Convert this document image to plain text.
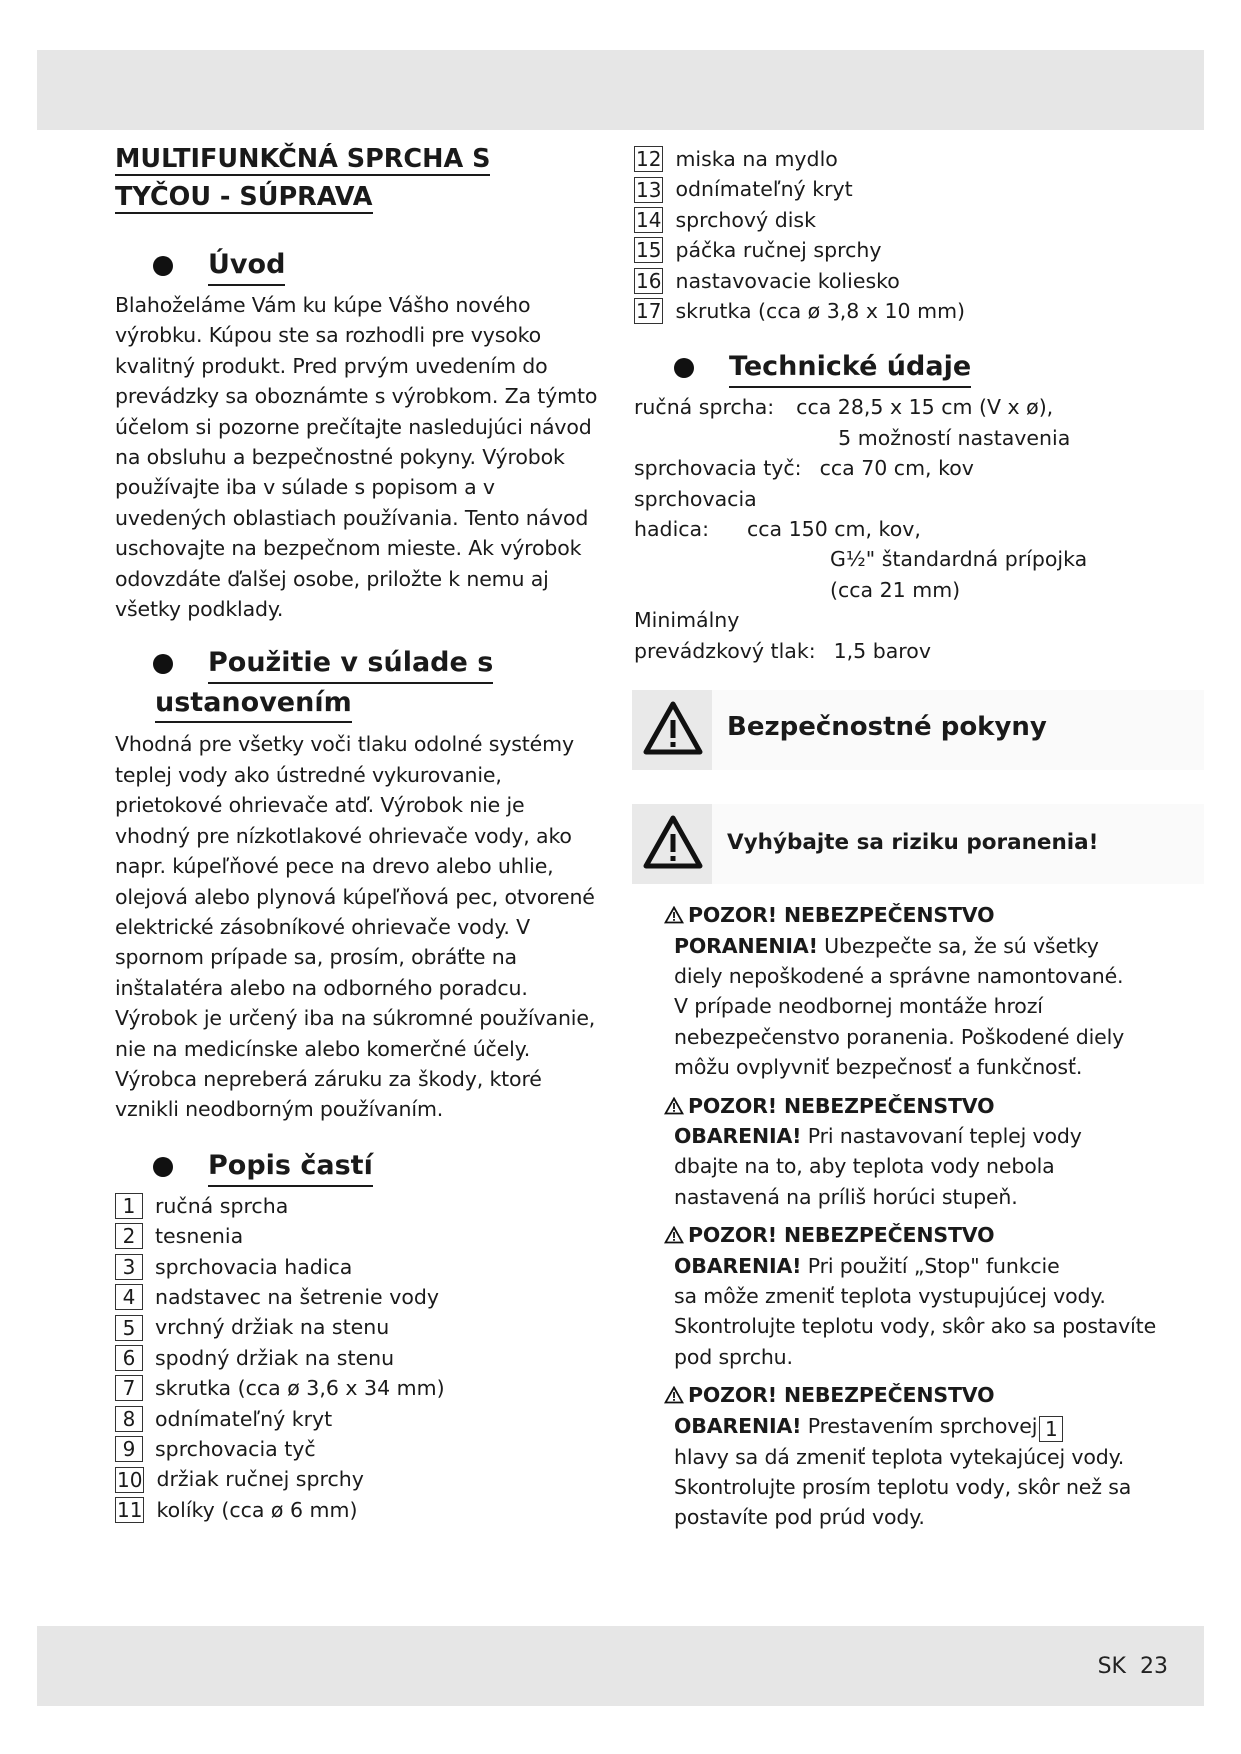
MULTIFUNKČNÁ SPRCHA S
TYČOU - SÚPRAVA
Úvod

Blahoželáme Vám ku kúpe Vášho nového výrobku. Kúpou ste sa rozhodli pre vysoko kvalitný produkt. Pred prvým uvedením do prevádzky sa oboznámte s výrobkom. Za týmto účelom si pozorne prečítajte nasledujúci návod na obsluhu a bezpečnostné pokyny. Výrobok používajte iba v súlade s popisom a v uvedených oblastiach používania. Tento návod uschovajte na bezpečnom mieste. Ak výrobok odovzdáte ďalšej osobe, priložte k nemu aj všetky podklady.

Použitie v súlade s
ustanovením

Vhodná pre všetky voči tlaku odolné systémy teplej vody ako ústredné vykurovanie, prietokové ohrievače atď. Výrobok nie je vhodný pre nízkotlakové ohrievače vody, ako napr. kúpeľňové pece na drevo alebo uhlie, olejová alebo plynová kúpeľňová pec, otvorené elektrické zásobníkové ohrievače vody. V spornom prípade sa, prosím, obráťte na inštalatéra alebo na odborného poradcu. Výrobok je určený iba na súkromné používanie, nie na medicínske alebo komerčné účely. Výrobca nepreberá záruku za škody, ktoré vznikli neodborným používaním.

Popis častí
1 ručná sprcha
2 tesnenia
3 sprchovacia hadica
4 nadstavec na šetrenie vody
5 vrchný držiak na stenu
6 spodný držiak na stenu
7 skrutka (cca ø 3,6 x 34 mm)
8 odnímateľný kryt
9 sprchovacia tyč
10 držiak ručnej sprchy
11 kolíky (cca ø 6 mm)
12 miska na mydlo
13 odnímateľný kryt
14 sprchový disk
15 páčka ručnej sprchy
16 nastavovacie koliesko
17 skrutka (cca ø 3,8 x 10 mm)
Technické údaje
ručná sprcha:	cca 28,5 x 15 cm (V x ø),
	5 možností nastavenia
sprchovacia tyč:	cca 70 cm, kov
sprchovacia
hadica:	cca 150 cm, kov,
G½" štandardná prípojka
(cca 21 mm)
Minimálny
prevádzkový tlak:	1,5 barov
Bezpečnostné pokyny
Vyhýbajte sa riziku poranenia!
POZOR! NEBEZPEČENSTVO
PORANENIA! Ubezpečte sa, že sú všetky
diely nepoškodené a správne namontované.
V prípade neodbornej montáže hrozí
nebezpečenstvo poranenia. Poškodené diely
môžu ovplyvniť bezpečnosť a funkčnosť.
POZOR! NEBEZPEČENSTVO
OBARENIA! Pri nastavovaní teplej vody
dbajte na to, aby teplota vody nebola
nastavená na príliš horúci stupeň.
POZOR! NEBEZPEČENSTVO
OBARENIA! Pri použití „Stop" funkcie
sa môže zmeniť teplota vystupujúcej vody.
Skontrolujte teplotu vody, skôr ako sa postavíte
pod sprchu.
POZOR! NEBEZPEČENSTVO
OBARENIA! Prestavením sprchovej 1
hlavy sa dá zmeniť teplota vytekajúcej vody.
Skontrolujte prosím teplotu vody, skôr než sa
postavíte pod prúd vody.
SK 23
